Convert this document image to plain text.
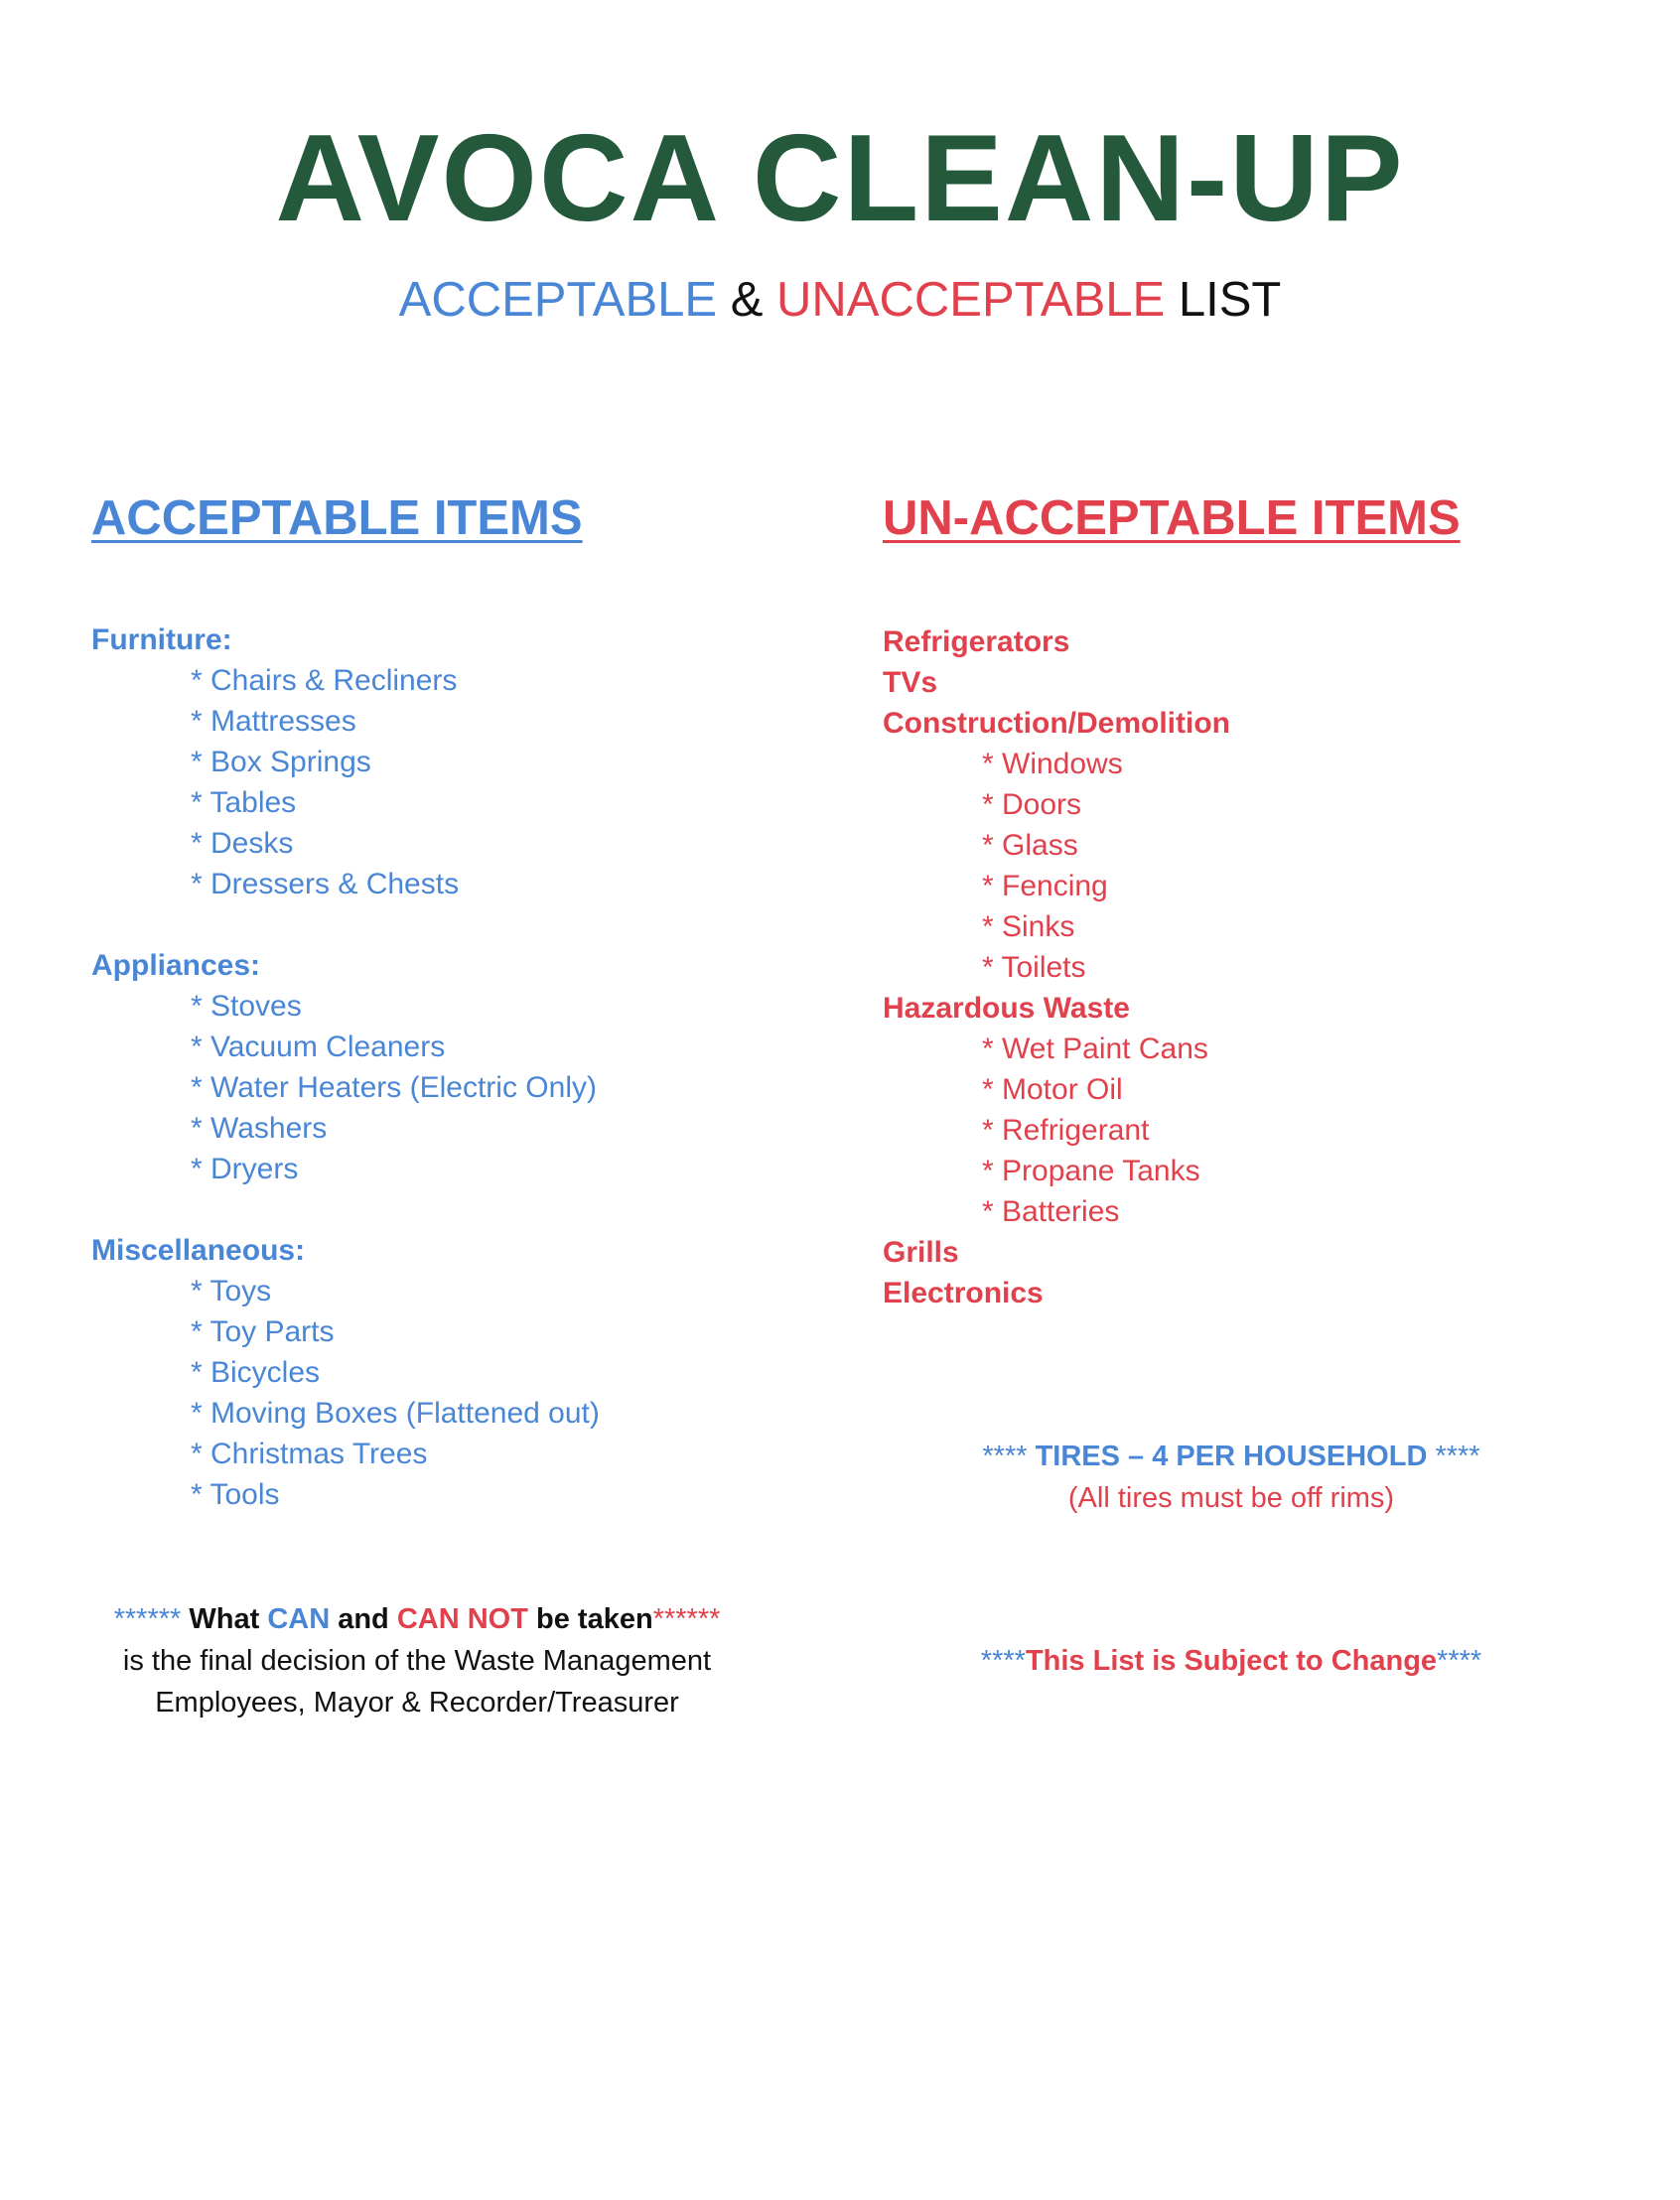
AVOCA CLEAN-UP

ACCEPTABLE & UNACCEPTABLE LIST

ACCEPTABLE ITEMS	UN-ACCEPTABLE ITEMS
Furniture:
* Chairs & Recliners
* Mattresses
* Box Springs
* Tables
* Desks
* Dressers & Chests
Appliances:
* Stoves
* Vacuum Cleaners
* Water Heaters (Electric Only)
* Washers
* Dryers
Miscellaneous:
* Toys
* Toy Parts
* Bicycles
* Moving Boxes (Flattened out)
* Christmas Trees
* Tools
Refrigerators
TVs
Construction/Demolition
* Windows
* Doors
* Glass
* Fencing
* Sinks
* Toilets
Hazardous Waste
* Wet Paint Cans
* Motor Oil
* Refrigerant
* Propane Tanks
* Batteries
Grills
Electronics
**** TIRES – 4 PER HOUSEHOLD ****
(All tires must be off rims)
****** What CAN and CAN NOT be taken******
is the final decision of the Waste Management
Employees, Mayor & Recorder/Treasurer
****This List is Subject to Change****
